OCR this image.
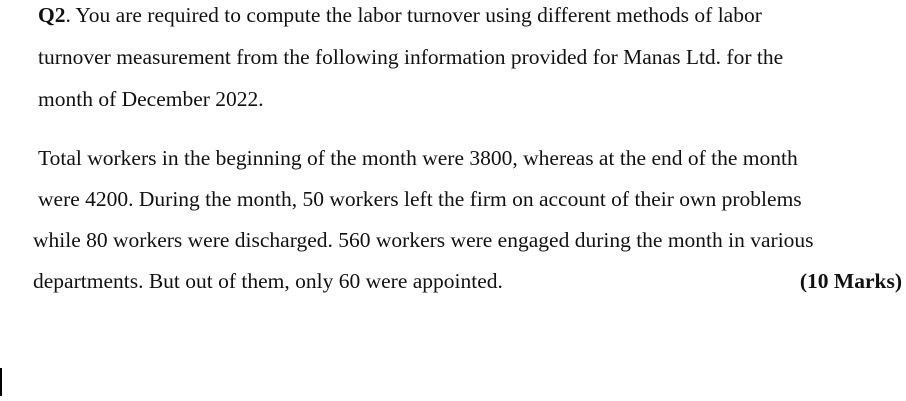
Q2. You are required to compute the labor turnover using different methods of labor
turnover measurement from the following information provided for Manas Ltd. for the
month of December 2022.
Total workers in the beginning of the month were 3800, whereas at the end of the month
were 4200. During the month, 50 workers left the firm on account of their own problems
while 80 workers were discharged. 560 workers were engaged during the month in various
departments. But out of them, only 60 were appointed.	(10 Marks)
